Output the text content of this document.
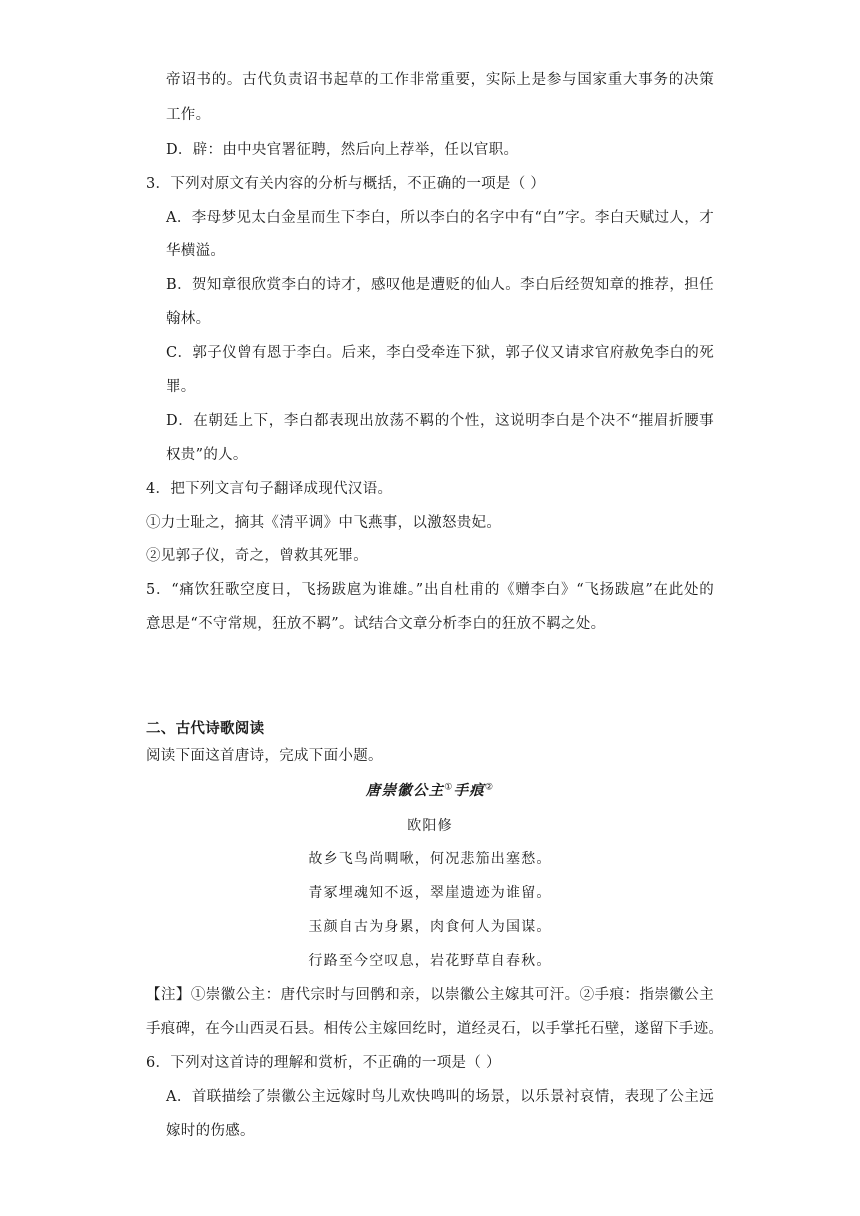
帝诏书的。古代负责诏书起草的工作非常重要，实际上是参与国家重大事务的决策
工作。
D．辟：由中央官署征聘，然后向上荐举，任以官职。
3．下列对原文有关内容的分析与概括，不正确的一项是（ ）
A．李母梦见太白金星而生下李白，所以李白的名字中有“白”字。李白天赋过人，才
华横溢。
B．贺知章很欣赏李白的诗才，感叹他是遭贬的仙人。李白后经贺知章的推荐，担任
翰林。
C．郭子仪曾有恩于李白。后来，李白受牵连下狱，郭子仪又请求官府赦免李白的死
罪。
D．在朝廷上下，李白都表现出放荡不羁的个性，这说明李白是个决不“摧眉折腰事
权贵”的人。
4．把下列文言句子翻译成现代汉语。
①力士耻之，摘其《清平调》中飞燕事，以激怒贵妃。
②见郭子仪，奇之，曾救其死罪。
5．“痛饮狂歌空度日，飞扬跋扈为谁雄。”出自杜甫的《赠李白》“飞扬跋扈”在此处的
意思是“不守常规，狂放不羁”。试结合文章分析李白的狂放不羁之处。
二、古代诗歌阅读
阅读下面这首唐诗，完成下面小题。
唐崇徽公主①手痕②
欧阳修
故乡飞鸟尚啁啾，何况悲笳出塞愁。
青冢埋魂知不返，翠崖遗迹为谁留。
玉颜自古为身累，肉食何人为国谋。
行路至今空叹息，岩花野草自春秋。
【注】①崇徽公主：唐代宗时与回鹘和亲，以崇徽公主嫁其可汗。②手痕：指崇徽公主
手痕碑，在今山西灵石县。相传公主嫁回纥时，道经灵石，以手掌托石壁，遂留下手迹。
6．下列对这首诗的理解和赏析，不正确的一项是（ ）
A．首联描绘了崇徽公主远嫁时鸟儿欢快鸣叫的场景，以乐景衬哀情，表现了公主远
嫁时的伤感。
